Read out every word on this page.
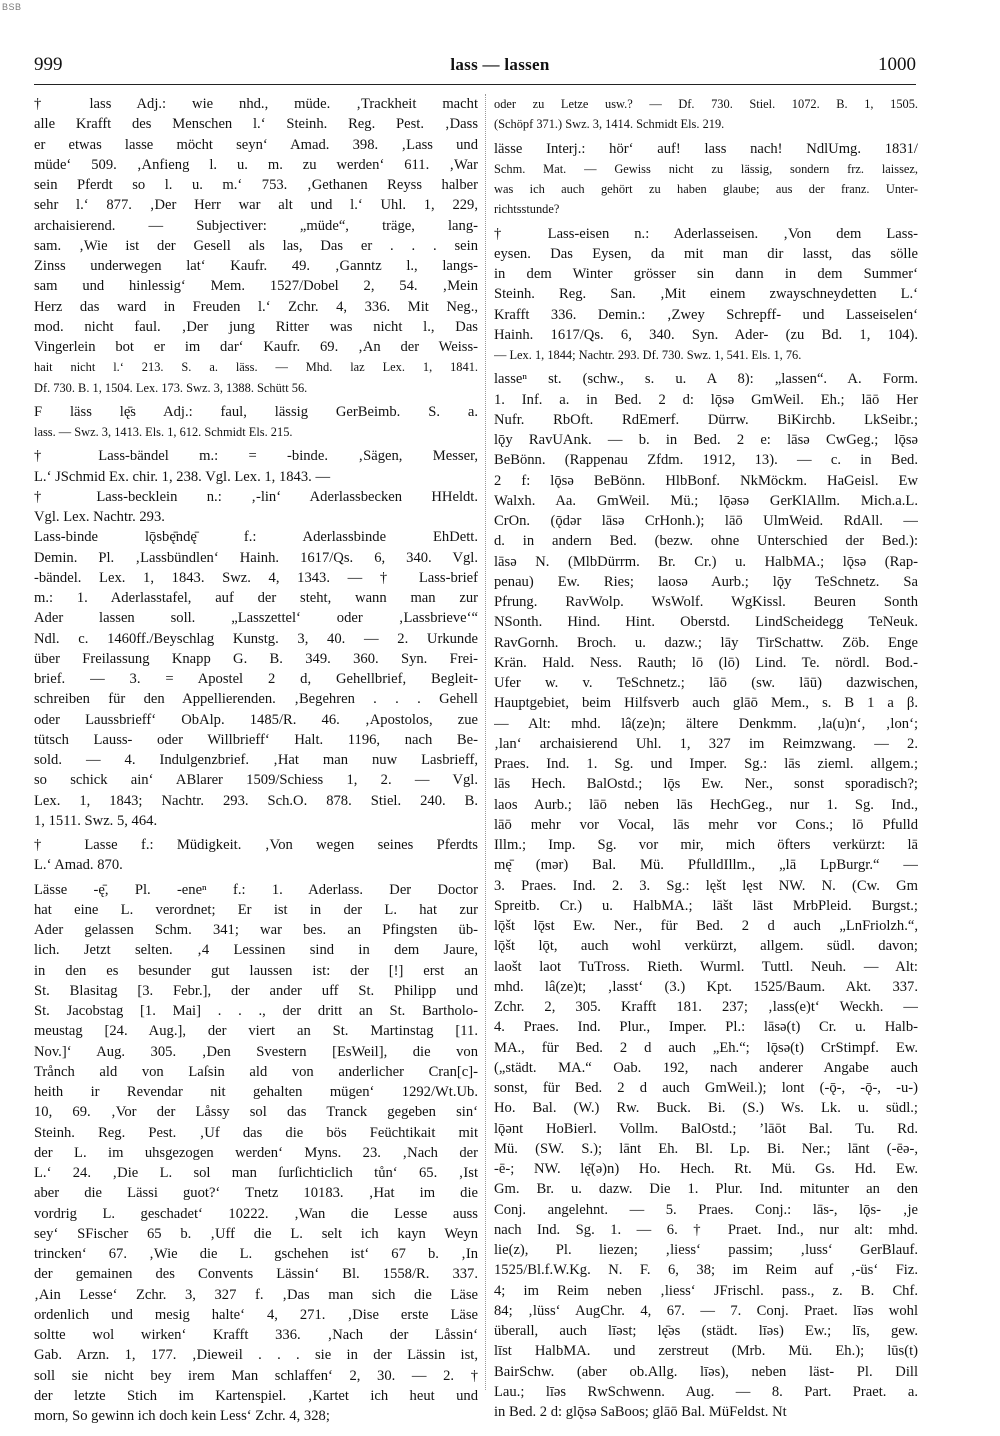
BSB
999	lass — lassen	1000
† lass Adj.: wie nhd., müde. ‚Trackheit macht
alle Krafft des Menschen l.‘ Steinh. Reg. Pest. ‚Dass
er etwas lasse möcht seyn‘ Amad. 398. ‚Lass und
müde‘ 509. ‚Anfieng l. u. m. zu werden‘ 611. ‚War
sein Pferdt so l. u. m.‘ 753. ‚Gethanen Reyss halber
sehr l.‘ 877. ‚Der Herr war alt und l.‘ Uhl. 1, 229,
archaisierend. — Subjectiver: „müde“, träge, lang-
sam. ‚Wie ist der Gesell als las, Das er . . . sein
Zinss underwegen lat‘ Kaufr. 49. ‚Ganntz l., langs-
sam und hinlessig‘ Mem. 1527/Dobel 2, 54. ‚Mein
Herz das ward in Freuden l.‘ Zchr. 4, 336. Mit Neg.,
mod. nicht faul. ‚Der jung Ritter was nicht l., Das
Vingerlein bot er im dar‘ Kaufr. 69. ‚An der Weiss-
hait nicht l.‘ 213. S. a. läss. — Mhd. laz Lex. 1, 1841.
Df. 730. B. 1, 1504. Lex. 173. Swz. 3, 1388. Schütt 56.
F läss lę̄s Adj.: faul, lässig GerBeimb. S. a.
lass. — Swz. 3, 1413. Els. 1, 612. Schmidt Els. 215.
† Lass-bändel m.: = -binde. ‚Sägen, Messer,
L.‘ JSchmid Ex. chir. 1, 238. Vgl. Lex. 1, 1843. —
† Lass-becklein n.: ‚-lin‘ Aderlassbecken HHeldt.
Vgl. Lex. Nachtr. 293.
Lass-binde lǭsbę̄ndę̄ f.: Aderlassbinde EhDett.
Demin. Pl. ‚Lassbündlen‘ Hainh. 1617/Qs. 6, 340. Vgl.
-bändel. Lex. 1, 1843. Swz. 4, 1343. — † Lass-brief
m.: 1. Aderlasstafel, auf der steht, wann man zur
Ader lassen soll. „Lasszettel‘ oder ‚Lassbrieve‘“
Ndl. c. 1460ff./Beyschlag Kunstg. 3, 40. — 2. Urkunde
über Freilassung Knapp G. B. 349. 360. Syn. Frei-
brief. — 3. = Apostel 2 d, Gehellbrief, Begleit-
schreiben für den Appellierenden. ‚Begehren . . . Gehell
oder Laussbrieff‘ ObAlp. 1485/R. 46. ‚Apostolos, zue
tütsch Lauss- oder Willbrieff‘ Halt. 1196, nach Be-
sold. — 4. Indulgenzbrief. ‚Hat man nuw Lasbrieff,
so schick ain‘ ABlarer 1509/Schiess 1, 2. — Vgl.
Lex. 1, 1843; Nachtr. 293. Sch.O. 878. Stiel. 240. B.
1, 1511. Swz. 5, 464.
† Lasse f.: Müdigkeit. ‚Von wegen seines Pferdts
L.‘ Amad. 870.
Lässe -ę̄, Pl. -eneⁿ f.: 1. Aderlass. Der Doctor
hat eine L. verordnet; Er ist in der L. hat zur
Ader gelassen Schm. 341; war bes. an Pfingsten üb-
lich. Jetzt selten. ‚4 Lessinen sind in dem Jaure,
in den es besunder gut laussen ist: der [!] erst an
St. Blasitag [3. Febr.], der ander uff St. Philipp und
St. Jacobstag [1. Mai] . . ., der dritt an St. Bartholo-
meustag [24. Aug.], der viert an St. Martinstag [11.
Nov.]‘ Aug. 305. ‚Den Svestern [EsWeil], die von
Trånch ald von Laſsin ald von anderlicher Cran[c]-
heith ir Revendar nit gehalten mügen‘ 1292/Wt.Ub.
10, 69. ‚Vor der Låssy sol das Tranck gegeben sin‘
Steinh. Reg. Pest. ‚Uf das die bös Feüchtikait mit
der L. im uhsgezogen werden‘ Myns. 23. ‚Nach der
L.‘ 24. ‚Die L. sol man ſurſichticlich tůn‘ 65. ‚Ist
aber die Lässi guot?‘ Tnetz 10183. ‚Hat im die
vordrig L. geschadet‘ 10222. ‚Wan die Lesse auss
sey‘ SFischer 65 b. ‚Uff die L. selt ich kayn Weyn
trincken‘ 67. ‚Wie die L. gschehen ist‘ 67 b. ‚In
der gemainen des Convents Lässin‘ Bl. 1558/R. 337.
‚Ain Lesse‘ Zchr. 3, 327 f. ‚Das man sich die Läse
ordenlich und mesig halte‘ 4, 271. ‚Dise erste Läse
soltte wol wirken‘ Krafft 336. ‚Nach der Låssin‘
Gab. Arzn. 1, 177. ‚Dieweil . . . sie in der Lässin ist,
soll sie nicht bey irem Man schlaffen‘ 2, 30. — 2. †
der letzte Stich im Kartenspiel. ‚Kartet ich heut und
morn, So gewinn ich doch kein Less‘ Zchr. 4, 328;
oder zu Letze usw.? — Df. 730. Stiel. 1072. B. 1, 1505.
(Schöpf 371.) Swz. 3, 1414. Schmidt Els. 219.
lässe Interj.: hör‘ auf! lass nach! NdlUmg. 1831/
Schm. Mat. — Gewiss nicht zu lässig, sondern frz. laissez,
was ich auch gehört zu haben glaube; aus der franz. Unter-
richtsstunde?
† Lass-eisen n.: Aderlasseisen. ‚Von dem Lass-
eysen. Das Eysen, da mit man dir lasst, das sölle
in dem Winter grösser sin dann in dem Summer‘
Steinh. Reg. San. ‚Mit einem zwayschneydetten L.‘
Krafft 336. Demin.: ‚Zwey Schrepff- und Lasseiselen‘
Hainh. 1617/Qs. 6, 340. Syn. Ader- (zu Bd. 1, 104).
— Lex. 1, 1844; Nachtr. 293. Df. 730. Swz. 1, 541. Els. 1, 76.
lasseⁿ st. (schw., s. u. A 8): „lassen“. A. Form.
1. Inf. a. in Bed. 2 d: lǭsə GmWeil. Eh.; lāō Her
Nufr. RbOft. RdEmerf. Dürrw. BiKirchb. LkSeibr.;
lǭy RavUAnk. — b. in Bed. 2 e: lāsə CwGeg.; lǭsə
BeBönn. (Rappenau Zfdm. 1912, 13). — c. in Bed.
2 f: lǭsə BeBönn. HlbBonf. NkMöckm. HaGeisl. Ew
Walxh. Aa. GmWeil. Mü.; lǭəsə GerKlAllm. Mich.a.L.
CrOn. (ǭdər lāsə CrHonh.); lāō UlmWeid. RdAll. —
d. in andern Bed. (bezw. ohne Unterschied der Bed.):
lāsə N. (MlbDürrm. Br. Cr.) u. HalbMA.; lǭsə (Rap-
penau) Ew. Ries; laosə Aurb.; lǭy TeSchnetz. Sa
Pfrung. RavWolp. WsWolf. WgKissl. Beuren Sonth
NSonth. Hind. Hint. Oberstd. LindScheidegg TeNeuk.
RavGornh. Broch. u. dazw.; lāy TirSchattw. Zöb. Enge
Krän. Hald. Ness. Rauth; lō (lō) Lind. Te. nördl. Bod.-
Ufer w. v. TeSchnetz.; lāō (sw. lāū) dazwischen,
Hauptgebiet, beim Hilfsverb auch glāō Mem., s. B 1 a β.
— Alt: mhd. lâ(ze)n; ältere Denkmm. ‚la(u)n‘, ‚lon‘;
‚lan‘ archaisierend Uhl. 1, 327 im Reimzwang. — 2.
Praes. Ind. 1. Sg. und Imper. Sg.: lās zieml. allgem.;
lās Hech. BalOstd.; lǭs Ew. Ner., sonst sporadisch?;
laos Aurb.; lāō neben lās HechGeg., nur 1. Sg. Ind.,
lāō mehr vor Vocal, lās mehr vor Cons.; lō Pfulld
Illm.; Imp. Sg. vor mir, mich öfters verkürzt: lā
mę̄ (mər) Bal. Mü. PfulldIllm., „lā LpBurgr.“ —
3. Praes. Ind. 2. 3. Sg.: lęšt lęst NW. N. (Cw. Gm
Spreitb. Cr.) u. HalbMA.; lāšt lāst MrbPleid. Burgst.;
lǭšt lǭst Ew. Ner., für Bed. 2 d auch „LnFriolzh.“,
lǭšt lǭt, auch wohl verkürzt, allgem. südl. davon;
laošt laot TuTross. Rieth. Wurml. Tuttl. Neuh. — Alt:
mhd. lâ(ze)t; ‚lasst‘ (3.) Kpt. 1525/Baum. Akt. 337.
Zchr. 2, 305. Krafft 181. 237; ‚lass(e)t‘ Weckh. —
4. Praes. Ind. Plur., Imper. Pl.: lāsə(t) Cr. u. Halb-
MA., für Bed. 2 d auch „Eh.“; lǭsə(t) CrStimpf. Ew.
(„städt. MA.“ Oab. 192, nach anderer Angabe auch
sonst, für Bed. 2 d auch GmWeil.); lont (-ǭ-, -ǭ-, -u-)
Ho. Bal. (W.) Rw. Buck. Bi. (S.) Ws. Lk. u. südl.;
lǭənt HoBierl. Vollm. BalOstd.; ’lāōt Bal. Tu. Rd.
Mü. (SW. S.); lānt Eh. Bl. Lp. Bi. Ner.; lānt (-ēə-,
-ē-; NW. lę̄(ə)n) Ho. Hech. Rt. Mü. Gs. Hd. Ew.
Gm. Br. u. dazw. Die 1. Plur. Ind. mitunter an den
Conj. angelehnt. — 5. Praes. Conj.: lās-, lǭs- ‚je
nach Ind. Sg. 1. — 6. † Praet. Ind., nur alt: mhd.
lie(z), Pl. liezen; ‚liess‘ passim; ‚luss‘ GerBlauf.
1525/Bl.f.W.Kg. N. F. 6, 38; im Reim auf ‚-üs‘ Fiz.
4; im Reim neben ‚liess‘ JFrischl. pass., z. B. Chf.
84; ‚lüss‘ AugChr. 4, 67. — 7. Conj. Praet. līəs wohl
überall, auch līəst; lę̄əs (städt. līəs) Ew.; līs, gew.
līst HalbMA. und zerstreut (Mrb. Mü. Eh.); lūs(t)
BairSchw. (aber ob.Allg. līəs), neben läst- Pl. Dill
Lau.; līəs RwSchwenn. Aug. — 8. Part. Praet. a.
in Bed. 2 d: glǭsə SaBoos; glāō Bal. MüFeldst. Nt
